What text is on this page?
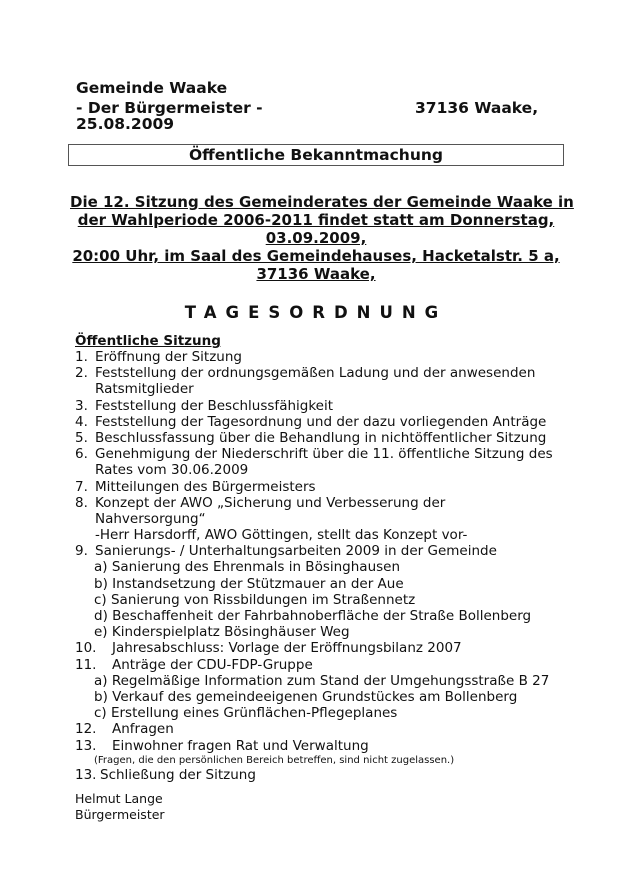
Gemeinde Waake
- Der Bürgermeister -	37136 Waake,
25.08.2009
Öffentliche Bekanntmachung
Die 12. Sitzung des Gemeinderates der Gemeinde Waake in
der Wahlperiode 2006-2011 findet statt am Donnerstag,
03.09.2009,
20:00 Uhr, im Saal des Gemeindehauses, Hacketalstr. 5 a,
37136 Waake,
TAGESORDNUNG
Öffentliche Sitzung
1. Eröffnung der Sitzung
2. Feststellung der ordnungsgemäßen Ladung und der anwesenden
Ratsmitglieder
3. Feststellung der Beschlussfähigkeit
4. Feststellung der Tagesordnung und der dazu vorliegenden Anträge
5. Beschlussfassung über die Behandlung in nichtöffentlicher Sitzung
6. Genehmigung der Niederschrift über die 11. öffentliche Sitzung des
Rates vom 30.06.2009
7. Mitteilungen des Bürgermeisters
8. Konzept der AWO „Sicherung und Verbesserung der
Nahversorgung“
-Herr Harsdorff, AWO Göttingen, stellt das Konzept vor-
9. Sanierungs- / Unterhaltungsarbeiten 2009 in der Gemeinde
a) Sanierung des Ehrenmals in Bösinghausen
b) Instandsetzung der Stützmauer an der Aue
c) Sanierung von Rissbildungen im Straßennetz
d) Beschaffenheit der Fahrbahnoberfläche der Straße Bollenberg
e) Kinderspielplatz Bösinghäuser Weg
10. Jahresabschluss: Vorlage der Eröffnungsbilanz 2007
11. Anträge der CDU-FDP-Gruppe
a) Regelmäßige Information zum Stand der Umgehungsstraße B 27
b) Verkauf des gemeindeeigenen Grundstückes am Bollenberg
c) Erstellung eines Grünflächen-Pflegeplanes
12. Anfragen
13. Einwohner fragen Rat und Verwaltung
(Fragen, die den persönlichen Bereich betreffen, sind nicht zugelassen.)
13. Schließung der Sitzung
Helmut Lange
Bürgermeister
